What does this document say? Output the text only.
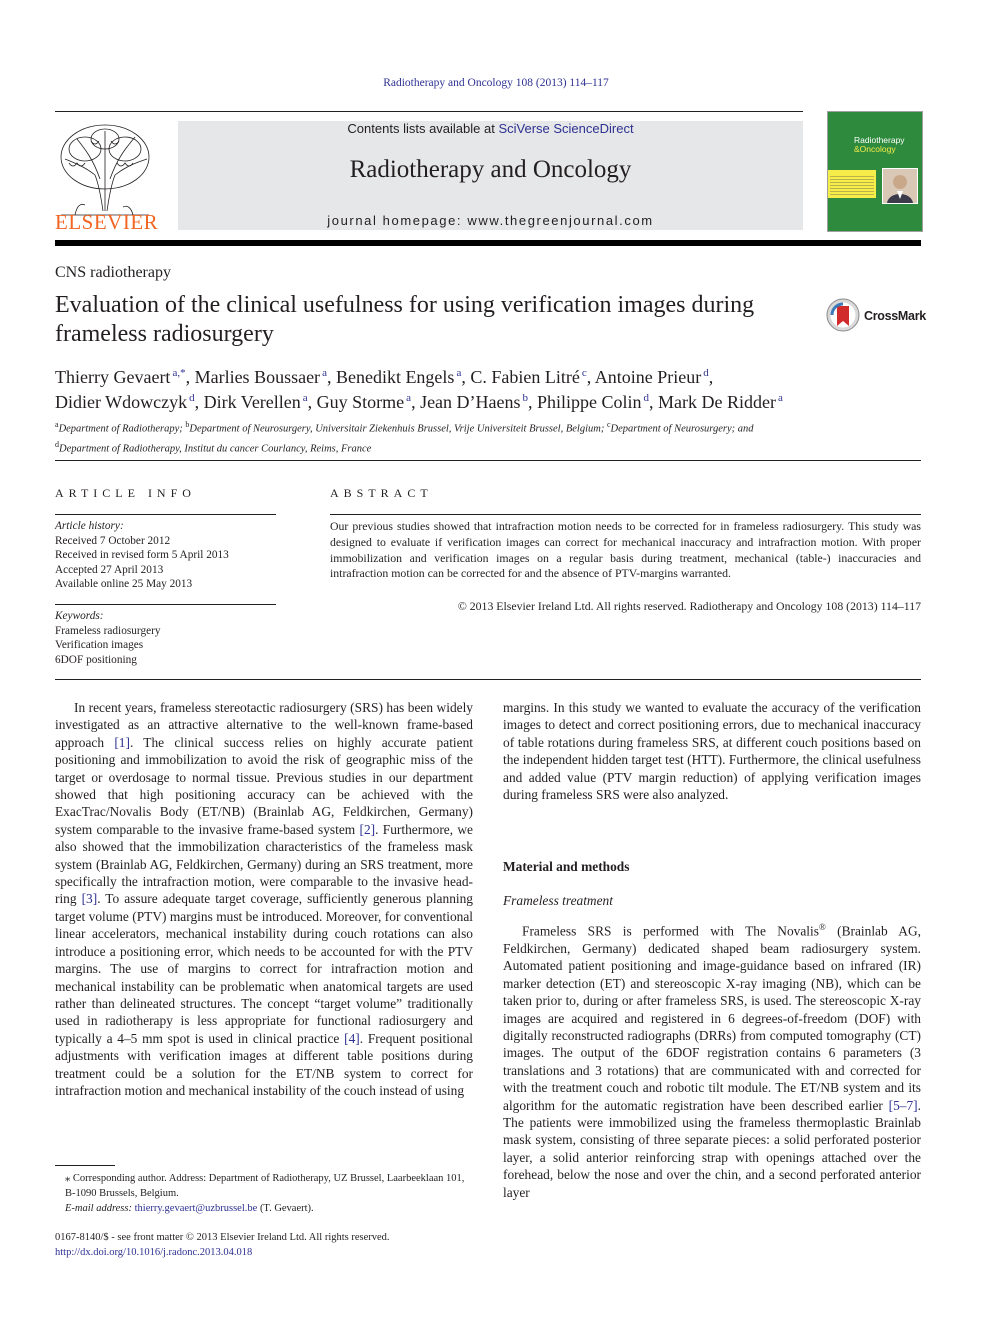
Radiotherapy and Oncology 108 (2013) 114–117
ELSEVIER
Contents lists available at SciVerse ScienceDirect
Radiotherapy and Oncology
journal homepage: www.thegreenjournal.com
Radiotherapy
&Oncology
CNS radiotherapy
Evaluation of the clinical usefulness for using verification images during frameless radiosurgery
CrossMark
Thierry Gevaert $^{a,*}$, Marlies Boussaer $^a$, Benedikt Engels $^a$, C. Fabien Litré $^c$, Antoine Prieur $^d$,
Didier Wdowczyk $^d$, Dirk Verellen $^a$, Guy Storme $^a$, Jean D’Haens $^b$, Philippe Colin $^d$, Mark De Ridder $^a$
$^a$Department of Radiotherapy; $^b$Department of Neurosurgery, Universitair Ziekenhuis Brussel, Vrije Universiteit Brussel, Belgium; $^c$Department of Neurosurgery; and
$^d$Department of Radiotherapy, Institut du cancer Courlancy, Reims, France
ARTICLE INFO	ABSTRACT
Article history:
Received 7 October 2012
Received in revised form 5 April 2013
Accepted 27 April 2013
Available online 25 May 2013
Keywords:
Frameless radiosurgery
Verification images
6DOF positioning
Our previous studies showed that intrafraction motion needs to be corrected for in frameless radiosurgery. This study was designed to evaluate if verification images can correct for mechanical inaccuracy and intrafraction motion. With proper immobilization and verification images on a regular basis during treatment, mechanical (table-) inaccuracies and intrafraction motion can be corrected for and the absence of PTV-margins warranted.
© 2013 Elsevier Ireland Ltd. All rights reserved. Radiotherapy and Oncology 108 (2013) 114–117

In recent years, frameless stereotactic radiosurgery (SRS) has been widely investigated as an attractive alternative to the well-known frame-based approach [1]. The clinical success relies on highly accurate patient positioning and immobilization to avoid the risk of geographic miss of the target or overdosage to normal tissue. Previous studies in our department showed that high positioning accuracy can be achieved with the ExacTrac/Novalis Body (ET/NB) (Brainlab AG, Feldkirchen, Germany) system comparable to the invasive frame-based system [2]. Furthermore, we also showed that the immobilization characteristics of the frameless mask system (Brainlab AG, Feldkirchen, Germany) during an SRS treatment, more specifically the intrafraction motion, were comparable to the invasive head-ring [3]. To assure adequate target coverage, sufficiently generous planning target volume (PTV) margins must be introduced. Moreover, for conventional linear accelerators, mechanical instability during couch rotations can also introduce a positioning error, which needs to be accounted for with the PTV margins. The use of margins to correct for intrafraction motion and mechanical instability can be problematic when anatomical targets are used rather than delineated structures. The concept “target volume” traditionally used in radiotherapy is less appropriate for functional radiosurgery and typically a 4–5 mm spot is used in clinical practice [4]. Frequent positional adjustments with verification images at different table positions during treatment could be a solution for the ET/NB system to correct for intrafraction motion and mechanical instability of the couch instead of using

⁎ Corresponding author. Address: Department of Radiotherapy, UZ Brussel, Laarbeeklaan 101, B-1090 Brussels, Belgium.
E-mail address: thierry.gevaert@uzbrussel.be (T. Gevaert).

margins. In this study we wanted to evaluate the accuracy of the verification images to detect and correct positioning errors, due to mechanical inaccuracy of table rotations during frameless SRS, at different couch positions based on the independent hidden target test (HTT). Furthermore, the clinical usefulness and added value (PTV margin reduction) of applying verification images during frameless SRS were also analyzed.

Material and methods
Frameless treatment

Frameless SRS is performed with The Novalis® (Brainlab AG, Feldkirchen, Germany) dedicated shaped beam radiosurgery system. Automated patient positioning and image-guidance based on infrared (IR) marker detection (ET) and stereoscopic X-ray imaging (NB), which can be taken prior to, during or after frameless SRS, is used. The stereoscopic X-ray images are acquired and registered in 6 degrees-of-freedom (DOF) with digitally reconstructed radiographs (DRRs) from computed tomography (CT) images. The output of the 6DOF registration contains 6 parameters (3 translations and 3 rotations) that are communicated with and corrected for with the treatment couch and robotic tilt module. The ET/NB system and its algorithm for the automatic registration have been described earlier [5–7]. The patients were immobilized using the frameless thermoplastic Brainlab mask system, consisting of three separate pieces: a solid perforated posterior layer, a solid anterior reinforcing strap with openings attached over the forehead, below the nose and over the chin, and a second perforated anterior layer

0167-8140/$ - see front matter © 2013 Elsevier Ireland Ltd. All rights reserved.
http://dx.doi.org/10.1016/j.radonc.2013.04.018
